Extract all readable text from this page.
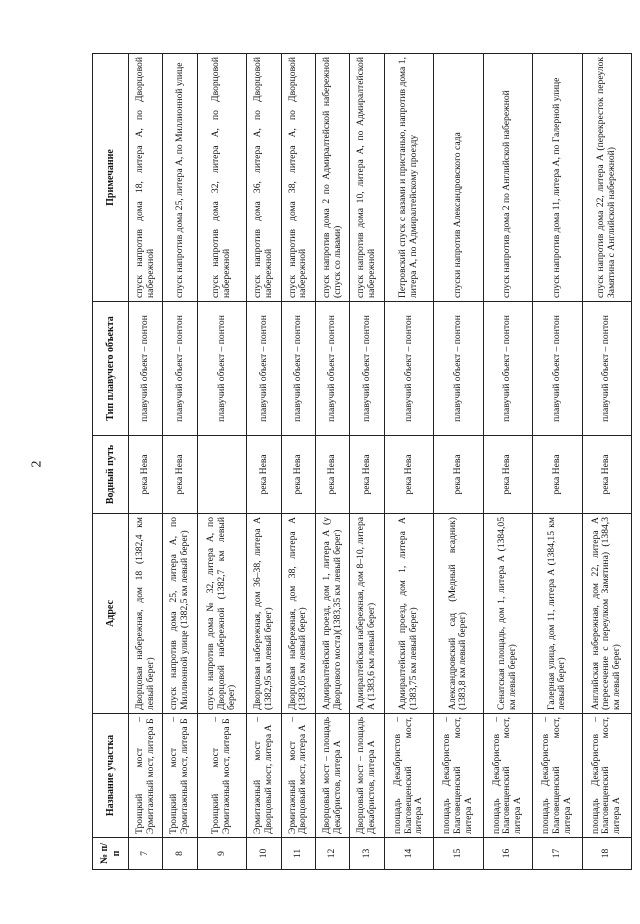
2
№ п/п	Название участка	Адрес	Водный путь	Тип плавучего объекта	Примечание
7	Троицкий мост – Эрмитажный мост, литера Б	Дворцовая набережная, дом 18 (1382,4 км левый берег)	река Нева	плавучий объект – понтон	спуск напротив дома 18, литера А, по Дворцовой набережной
8	Троицкий мост – Эрмитажный мост, литера Б	спуск напротив дома 25, литера А, по Миллионной улице (1382,5 км левый берег)	река Нева	плавучий объект – понтон	спуск напротив дома 25, литера А, по Миллионной улице
9	Троицкий мост – Эрмитажный мост, литера Б	спуск напротив дома № 32, литера А, по Дворцовой набережной (1382,7 км левый берег)		плавучий объект – понтон	спуск напротив дома 32, литера А, по Дворцовой набережной
10	Эрмитажный мост – Дворцовый мост, литера А	Дворцовая набережная, дом 36–38, литера А (1382,95 км левый берег)	река Нева	плавучий объект – понтон	спуск напротив дома 36, литера А, по Дворцовой набережной
11	Эрмитажный мост – Дворцовый мост, литера А	Дворцовая набережная, дом 38, литера А (1383,05 км левый берег)	река Нева	плавучий объект – понтон	спуск напротив дома 38, литера А, по Дворцовой набережной
12	Дворцовый мост – площадь Декабристов, литера А	Адмиралтейский проезд, дом 1, литера А (у Дворцового моста)(1383,35 км левый берег)	река Нева	плавучий объект – понтон	спуск напротив дома 2 по Адмиралтейской набережной (спуск со львами)
13	Дворцовый мост – площадь Декабристов, литера А	Адмиралтейская набережная, дом 8–10, литера А (1383,6 км левый берег)	река Нева	плавучий объект – понтон	спуск напротив дома 10, литера А, по Адмиралтейской набережной
14	площадь Декабристов – Благовещенский мост, литера А	Адмиралтейский проезд, дом 1, литера А (1383,75 км левый берег)	река Нева	плавучий объект – понтон	Петровский спуск с вазами и пристанью, напротив дома 1, литера А, по Адмиралтейскому проезду
15	площадь Декабристов – Благовещенский мост, литера А	Александровский сад (Медный всадник) (1383,8 км левый берег)	река Нева	плавучий объект – понтон	спуски напротив Александровского сада
16	площадь Декабристов – Благовещенский мост, литера А	Сенатская площадь, дом 1, литера А (1384,05 км левый берег)	река Нева	плавучий объект – понтон	спуск напротив дома 2 по Английской набережной
17	площадь Декабристов – Благовещенский мост, литера А	Галерная улица, дом 11, литера А (1384,15 км левый берег)	река Нева	плавучий объект – понтон	спуск напротив дома 11, литера А, по Галерной улице
18	площадь Декабристов – Благовещенский мост, литера А	Английская набережная, дом 22, литера А (пересечение с переулком Замятина) (1384,3 км левый берег)	река Нева	плавучий объект – понтон	спуск напротив дома 22, литера А (перекресток переулок Замятина с Английской набережной)
